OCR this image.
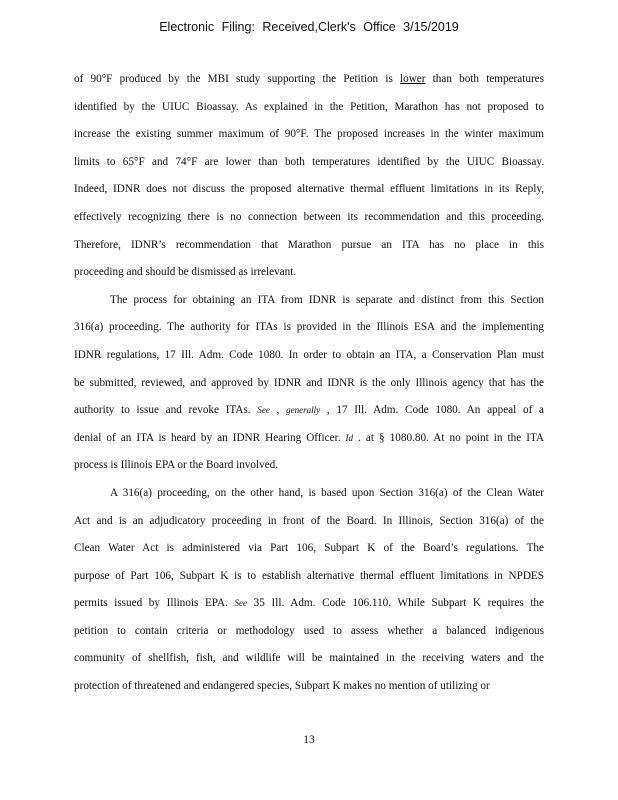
Electronic Filing: Received,Clerk's Office 3/15/2019
of 90°F produced by the MBI study supporting the Petition is lower than both temperatures
identified by the UIUC Bioassay. As explained in the Petition, Marathon has not proposed to
increase the existing summer maximum of 90°F. The proposed increases in the winter maximum
limits to 65°F and 74°F are lower than both temperatures identified by the UIUC Bioassay.
Indeed, IDNR does not discuss the proposed alternative thermal effluent limitations in its Reply,
effectively recognizing there is no connection between its recommendation and this proceeding.
Therefore, IDNR’s recommendation that Marathon pursue an ITA has no place in this
proceeding and should be dismissed as irrelevant.
The process for obtaining an ITA from IDNR is separate and distinct from this Section
316(a) proceeding. The authority for ITAs is provided in the Illinois ESA and the implementing
IDNR regulations, 17 Ill. Adm. Code 1080. In order to obtain an ITA, a Conservation Plan must
be submitted, reviewed, and approved by IDNR and IDNR is the only Illinois agency that has the
authority to issue and revoke ITAs. See , generally , 17 Ill. Adm. Code 1080. An appeal of a
denial of an ITA is heard by an IDNR Hearing Officer. Id . at § 1080.80. At no point in the ITA
process is Illinois EPA or the Board involved.
A 316(a) proceeding, on the other hand, is based upon Section 316(a) of the Clean Water
Act and is an adjudicatory proceeding in front of the Board. In Illinois, Section 316(a) of the
Clean Water Act is administered via Part 106, Subpart K of the Board’s regulations. The
purpose of Part 106, Subpart K is to establish alternative thermal effluent limitations in NPDES
permits issued by Illinois EPA. See 35 Ill. Adm. Code 106.110. While Subpart K requires the
petition to contain criteria or methodology used to assess whether a balanced indigenous
community of shellfish, fish, and wildlife will be maintained in the receiving waters and the
protection of threatened and endangered species, Subpart K makes no mention of utilizing or
13
